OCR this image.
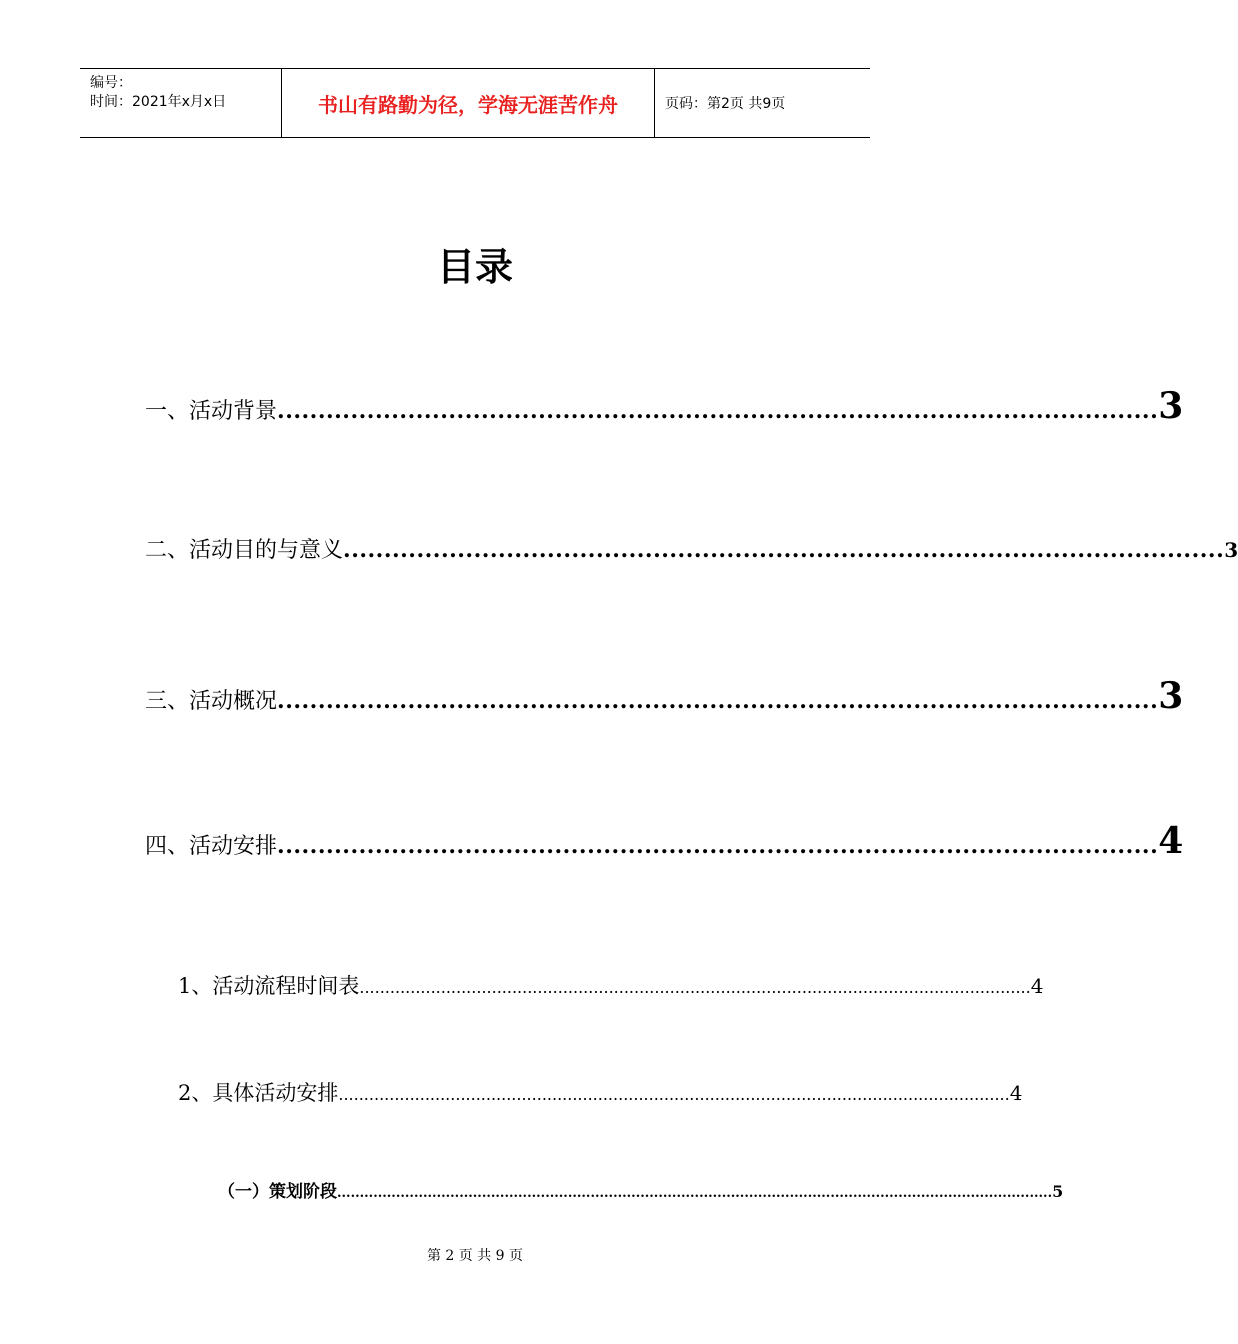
编号：
时间：2021年x月x日	书山有路勤为径，学海无涯苦作舟	页码：第2页 共9页
目录
一、 活动背景 ............................................................................................................ 3
二、 活动目的与意义 ............................................................................................................ 3
三、 活动概况 ............................................................................................................ 3
四、 活动安排 ............................................................................................................ 4
1、 活动流程时间表 .................................................................................................................................... 4
2、 具体活动安排 .................................................................................................................................... 4
（一）策划阶段 .............................................................................................................................................................. 5
第 2 页 共 9 页
